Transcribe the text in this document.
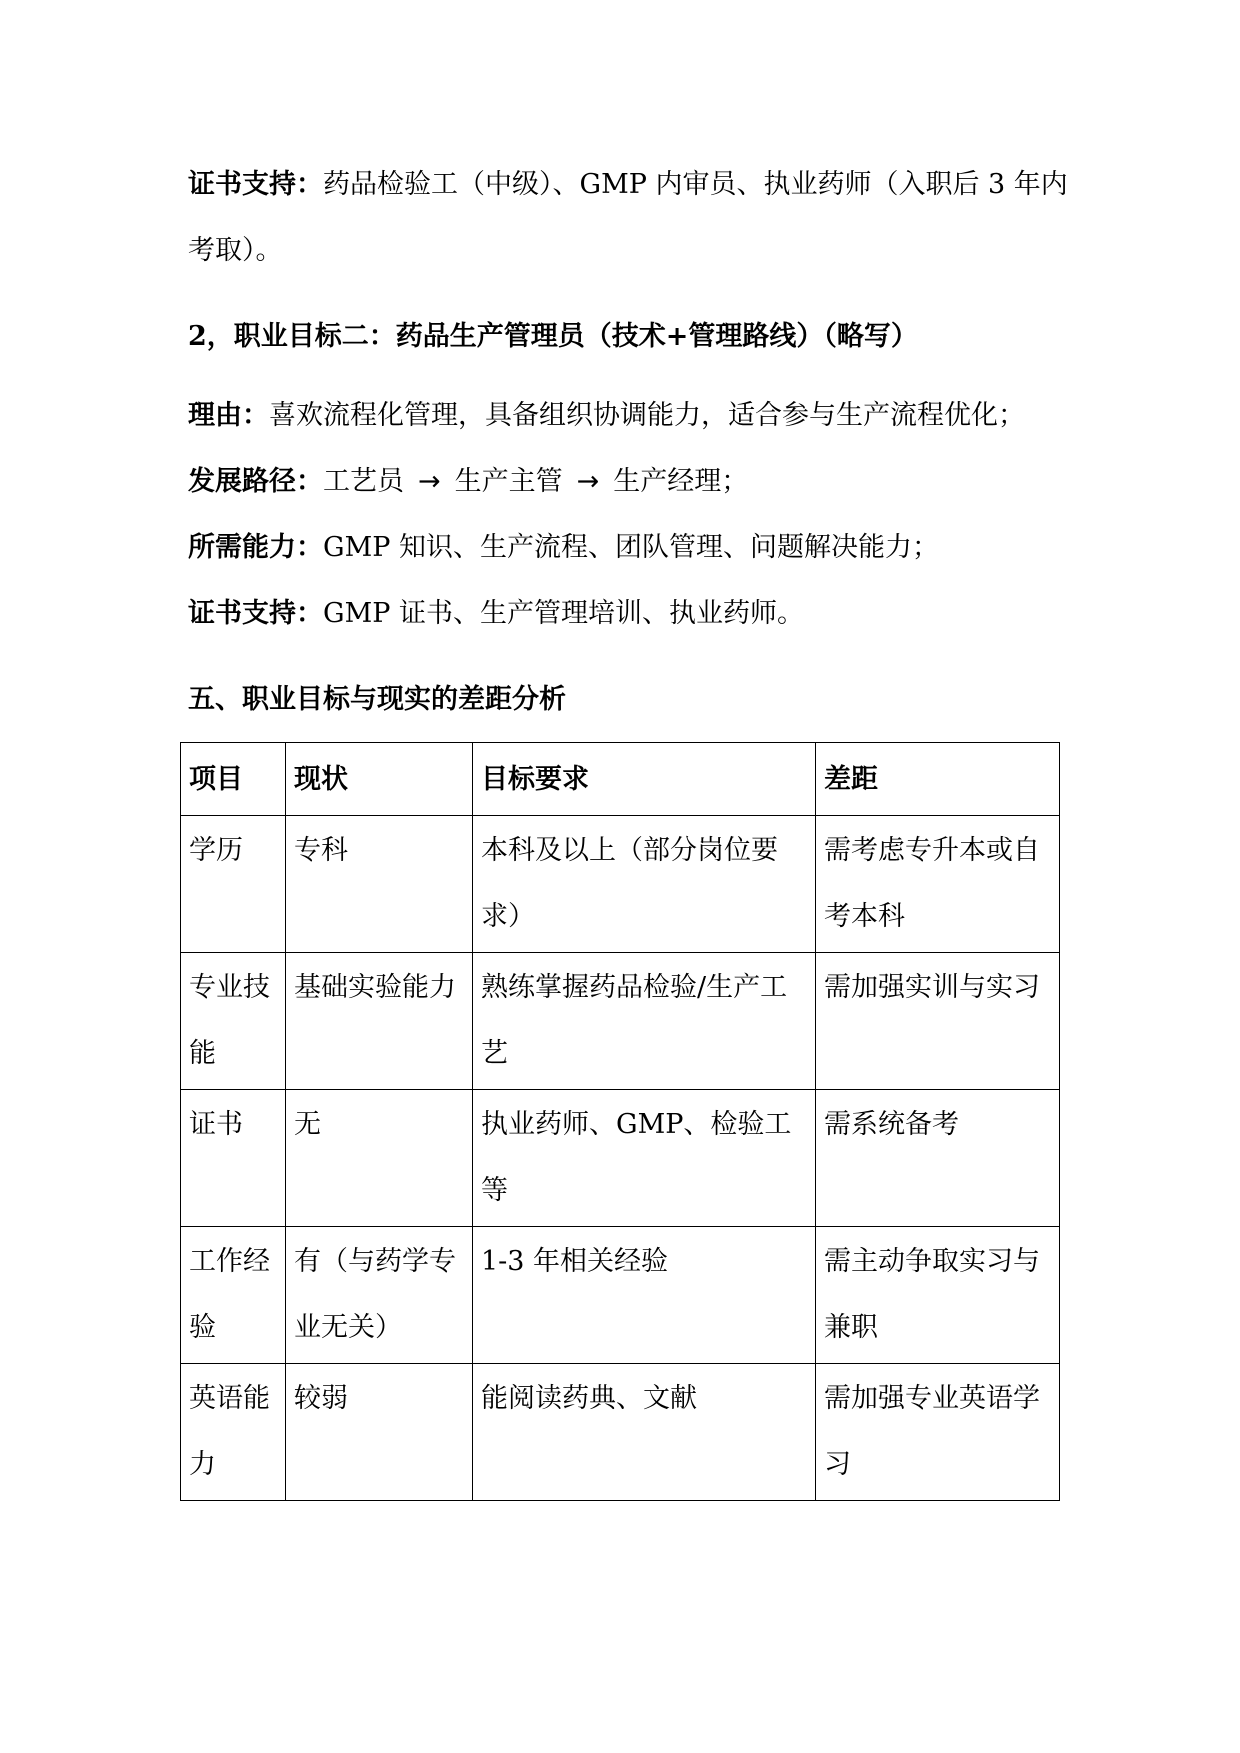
证书支持：药品检验工（中级）、GMP 内审员、执业药师（入职后 3 年内考取）。

2，职业目标二：药品生产管理员（技术+管理路线）（略写）

理由：喜欢流程化管理，具备组织协调能力，适合参与生产流程优化；

发展路径：工艺员 → 生产主管 → 生产经理；

所需能力：GMP 知识、生产流程、团队管理、问题解决能力；

证书支持：GMP 证书、生产管理培训、执业药师。

五、职业目标与现实的差距分析

项目	现状	目标要求	差距
学历	专科	本科及以上（部分岗位要求）	需考虑专升本或自考本科
专业技能	基础实验能力	熟练掌握药品检验/生产工艺	需加强实训与实习
证书	无	执业药师、GMP、检验工等	需系统备考
工作经验	有（与药学专业无关）	1-3 年相关经验	需主动争取实习与兼职
英语能力	较弱	能阅读药典、文献	需加强专业英语学习
